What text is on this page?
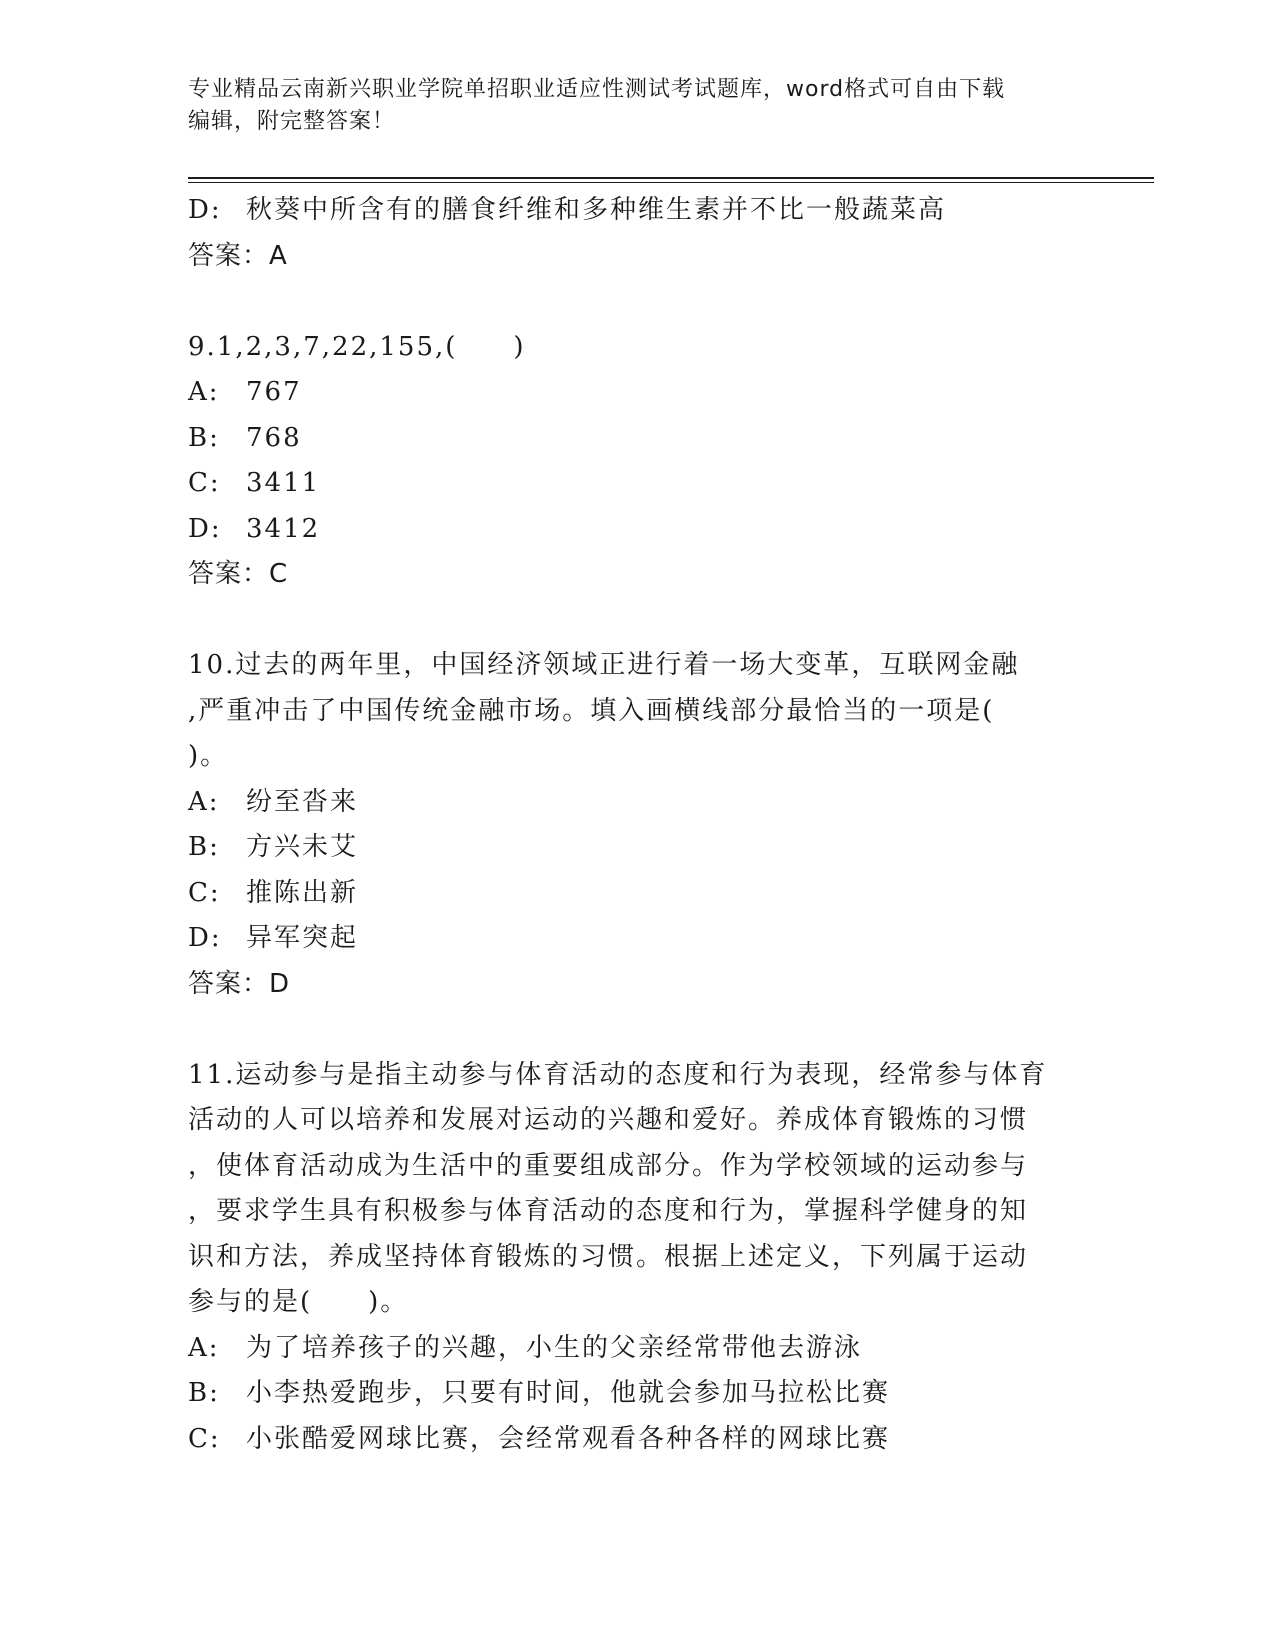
专业精品云南新兴职业学院单招职业适应性测试考试题库，word格式可自由下载
编辑，附完整答案！
D: 秋葵中所含有的膳食纤维和多种维生素并不比一般蔬菜高
答案：A
9.1,2,3,7,22,155,(　　)
A: 767
B: 768
C: 3411
D: 3412
答案：C
10.过去的两年里，中国经济领域正进行着一场大变革，互联网金融
,严重冲击了中国传统金融市场。填入画横线部分最恰当的一项是(
)。
A: 纷至沓来
B: 方兴未艾
C: 推陈出新
D: 异军突起
答案：D
11.运动参与是指主动参与体育活动的态度和行为表现，经常参与体育
活动的人可以培养和发展对运动的兴趣和爱好。养成体育锻炼的习惯
，使体育活动成为生活中的重要组成部分。作为学校领域的运动参与
，要求学生具有积极参与体育活动的态度和行为，掌握科学健身的知
识和方法，养成坚持体育锻炼的习惯。根据上述定义，下列属于运动
参与的是(　　)。
A: 为了培养孩子的兴趣，小生的父亲经常带他去游泳
B: 小李热爱跑步，只要有时间，他就会参加马拉松比赛
C: 小张酷爱网球比赛，会经常观看各种各样的网球比赛
